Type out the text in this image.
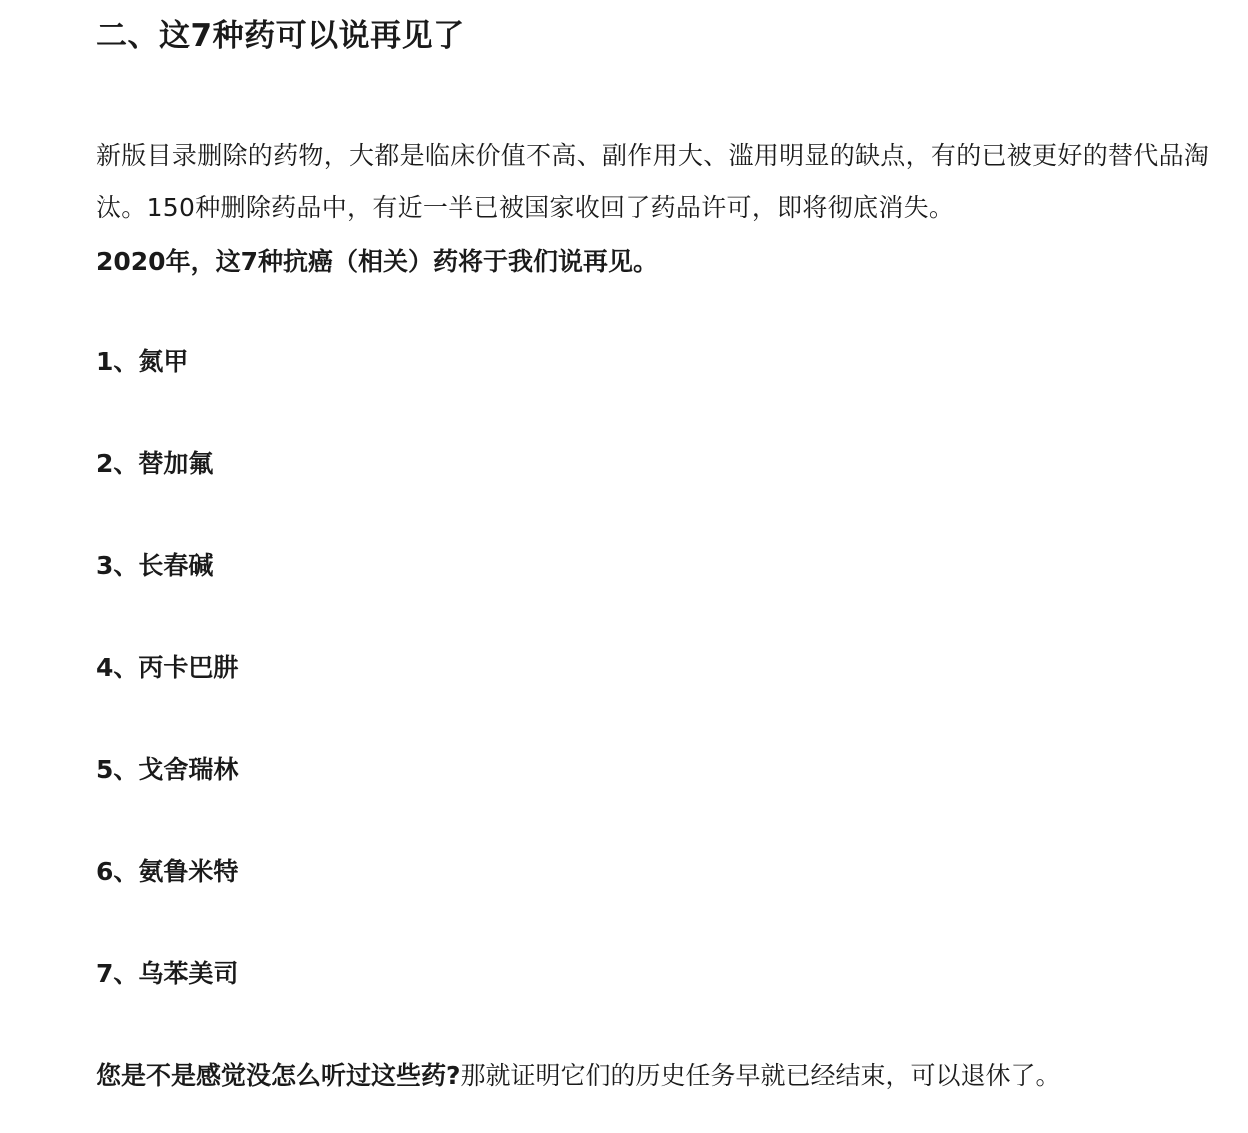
二、这7种药可以说再见了

新版目录删除的药物，大都是临床价值不高、副作用大、滥用明显的缺点，有的已被更好的替代品淘汰。150种删除药品中，有近一半已被国家收回了药品许可，即将彻底消失。

2020年，这7种抗癌（相关）药将于我们说再见。

1、氮甲

2、替加氟

3、长春碱

4、丙卡巴肼

5、戈舍瑞林

6、氨鲁米特

7、乌苯美司

您是不是感觉没怎么听过这些药?那就证明它们的历史任务早就已经结束，可以退休了。
